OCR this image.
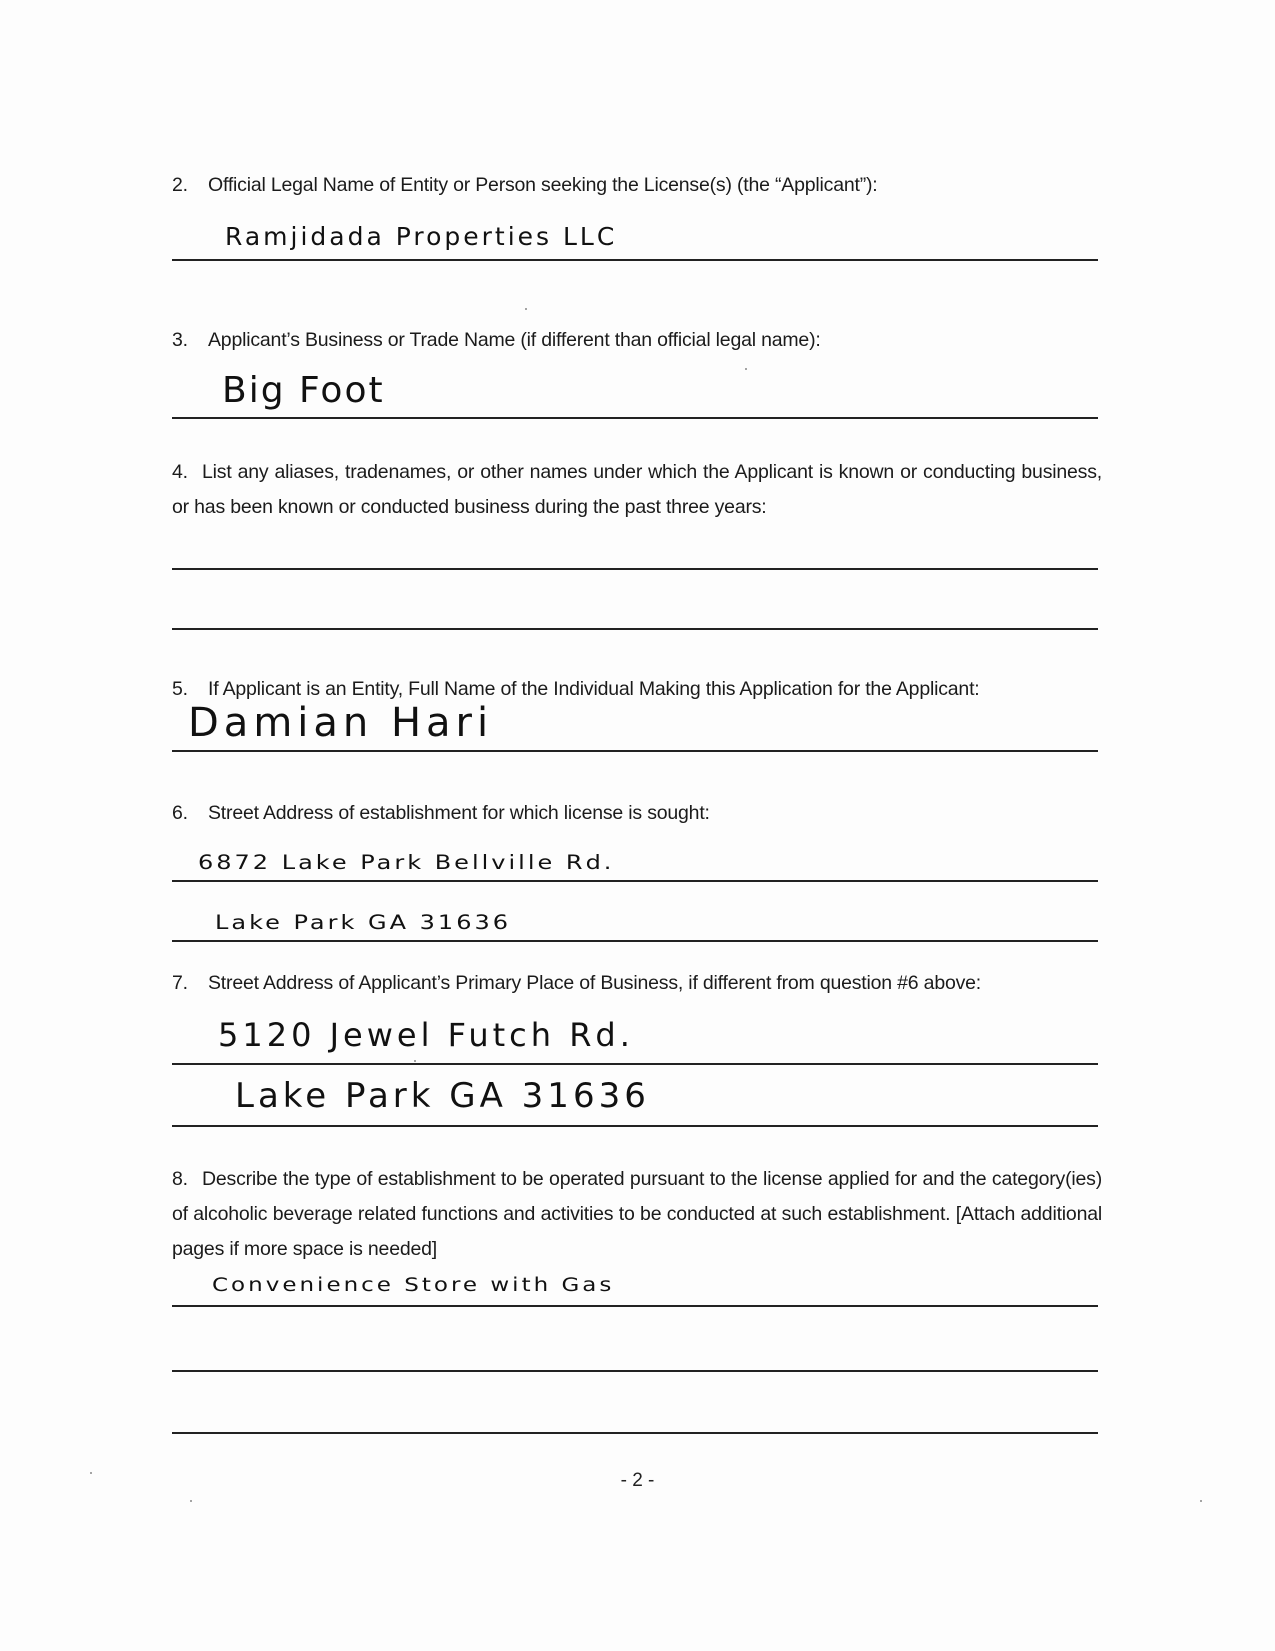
2. Official Legal Name of Entity or Person seeking the License(s) (the “Applicant”):
Ramjidada Properties LLC
3. Applicant’s Business or Trade Name (if different than official legal name):
Big Foot
4. List any aliases, tradenames, or other names under which the Applicant is known or conducting business, or has been known or conducted business during the past three years:
5. If Applicant is an Entity, Full Name of the Individual Making this Application for the Applicant:
Damian Hari
6. Street Address of establishment for which license is sought:
6872 Lake Park Bellville Rd.
Lake Park GA 31636
7. Street Address of Applicant’s Primary Place of Business, if different from question #6 above:
5120 Jewel Futch Rd.
Lake Park GA 31636
8. Describe the type of establishment to be operated pursuant to the license applied for and the category(ies) of alcoholic beverage related functions and activities to be conducted at such establishment. [Attach additional pages if more space is needed]
Convenience Store with Gas
- 2 -
